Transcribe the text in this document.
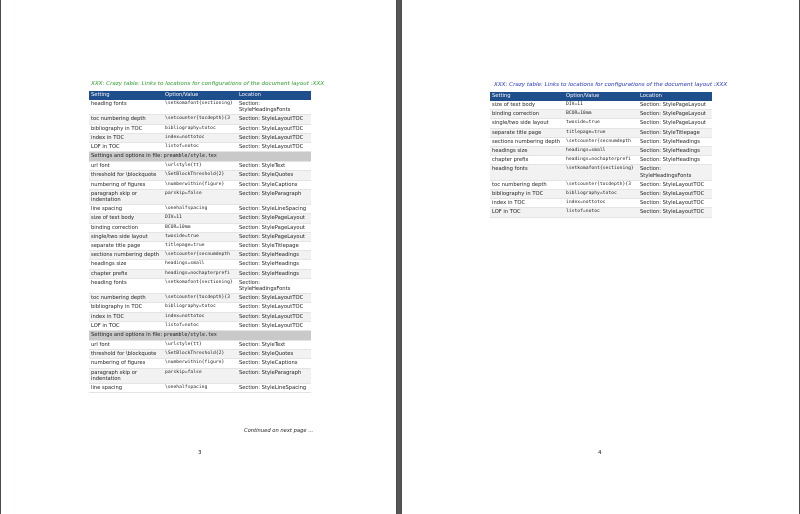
XXX: Crazy table: Links to locations for configurations of the document layout :XXX
Setting	Option/Value	Location
heading fonts	\setkomafont{sectioning}	Section: StyleHeadingsFonts
toc numbering depth	\setcounter{tocdepth}{3	Section: StyleLayoutTOC
bibliography in TOC	bibliography=totoc	Section: StyleLayoutTOC
index in TOC	index=nottotoc	Section: StyleLayoutTOC
LOF in TOC	listof=notoc	Section: StyleLayoutTOC
Settings and options in file: preamble/style.tex		
url font	\urlstyle{tt}	Section: StyleText
threshold for \blockquote	\SetBlockThreshold{2}	Section: StyleQuotes
numbering of figures	\numberwithin{figure}	Section: StyleCaptions
paragraph skip or indentation	parskip=false	Section: StyleParagraph
line spacing	\onehalfspacing	Section: StyleLineSpacing
size of text body	DIV=11	Section: StylePageLayout
binding correction	BCOR=10mm	Section: StylePageLayout
single/two side layout	twoside=true	Section: StylePageLayout
separate title page	titlepage=true	Section: StyleTitlepage
sections numbering depth	\setcounter{secnumdepth	Section: StyleHeadings
headings size	headings=small	Section: StyleHeadings
chapter prefix	headings=nochapterprefi	Section: StyleHeadings
heading fonts	\setkomafont{sectioning}	Section: StyleHeadingsFonts
toc numbering depth	\setcounter{tocdepth}{3	Section: StyleLayoutTOC
bibliography in TOC	bibliography=totoc	Section: StyleLayoutTOC
index in TOC	index=nottotoc	Section: StyleLayoutTOC
LOF in TOC	listof=notoc	Section: StyleLayoutTOC
Settings and options in file: preamble/style.tex		
url font	\urlstyle{tt}	Section: StyleText
threshold for \blockquote	\SetBlockThreshold{2}	Section: StyleQuotes
numbering of figures	\numberwithin{figure}	Section: StyleCaptions
paragraph skip or indentation	parskip=false	Section: StyleParagraph
line spacing	\onehalfspacing	Section: StyleLineSpacing
Continued on next page ...
3
XXX: Crazy table: Links to locations for configurations of the document layout :XXX
Setting	Option/Value	Location
size of text body	DIV=11	Section: StylePageLayout
binding correction	BCOR=10mm	Section: StylePageLayout
single/two side layout	twoside=true	Section: StylePageLayout
separate title page	titlepage=true	Section: StyleTitlepage
sections numbering depth	\setcounter{secnumdepth	Section: StyleHeadings
headings size	headings=small	Section: StyleHeadings
chapter prefix	headings=nochapterprefi	Section: StyleHeadings
heading fonts	\setkomafont{sectioning}	Section: StyleHeadingsFonts
toc numbering depth	\setcounter{tocdepth}{3	Section: StyleLayoutTOC
bibliography in TOC	bibliography=totoc	Section: StyleLayoutTOC
index in TOC	index=nottotoc	Section: StyleLayoutTOC
LOF in TOC	listof=notoc	Section: StyleLayoutTOC
4
